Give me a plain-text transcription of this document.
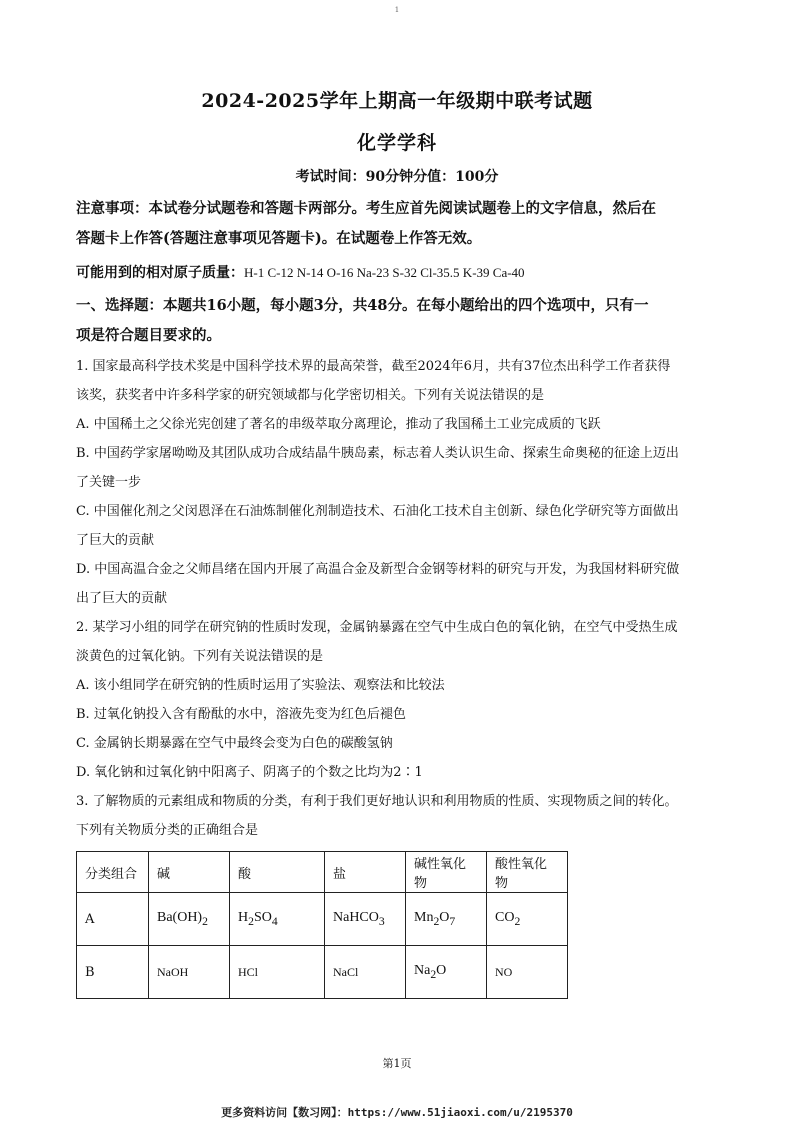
1
2024-2025学年上期高一年级期中联考试题
化学学科
考试时间：90分钟分值：100分

注意事项：本试卷分试题卷和答题卡两部分。考生应首先阅读试题卷上的文字信息，然后在

答题卡上作答(答题注意事项见答题卡)。在试题卷上作答无效。

可能用到的相对原子质量：H-1 C-12 N-14 O-16 Na-23 S-32 Cl-35.5 K-39 Ca-40

一、选择题：本题共16小题，每小题3分，共48分。在每小题给出的四个选项中，只有一

项是符合题目要求的。

1. 国家最高科学技术奖是中国科学技术界的最高荣誉，截至2024年6月，共有37位杰出科学工作者获得

该奖，获奖者中许多科学家的研究领域都与化学密切相关。下列有关说法错误的是

A. 中国稀土之父徐光宪创建了著名的串级萃取分离理论，推动了我国稀土工业完成质的飞跃

B. 中国药学家屠呦呦及其团队成功合成结晶牛胰岛素，标志着人类认识生命、探索生命奥秘的征途上迈出

了关键一步

C. 中国催化剂之父闵恩泽在石油炼制催化剂制造技术、石油化工技术自主创新、绿色化学研究等方面做出

了巨大的贡献

D. 中国高温合金之父师昌绪在国内开展了高温合金及新型合金钢等材料的研究与开发，为我国材料研究做

出了巨大的贡献

2. 某学习小组的同学在研究钠的性质时发现，金属钠暴露在空气中生成白色的氧化钠，在空气中受热生成

淡黄色的过氧化钠。下列有关说法错误的是

A. 该小组同学在研究钠的性质时运用了实验法、观察法和比较法

B. 过氧化钠投入含有酚酞的水中，溶液先变为红色后褪色

C. 金属钠长期暴露在空气中最终会变为白色的碳酸氢钠

D. 氧化钠和过氧化钠中阳离子、阴离子的个数之比均为2∶1

3. 了解物质的元素组成和物质的分类，有利于我们更好地认识和利用物质的性质、实现物质之间的转化。

下列有关物质分类的正确组合是

分类组合	碱	酸	盐	碱性氧化物	酸性氧化物
A	$Ba(OH)_2$	$H_2SO_4$	NaHCO$_3$	$Mn_2O_7$	$CO_2$
B	NaOH	HCl	NaCl	$Na_2O$	NO
第1页
更多资料访问【数习网】：https://www.51jiaoxi.com/u/2195370
